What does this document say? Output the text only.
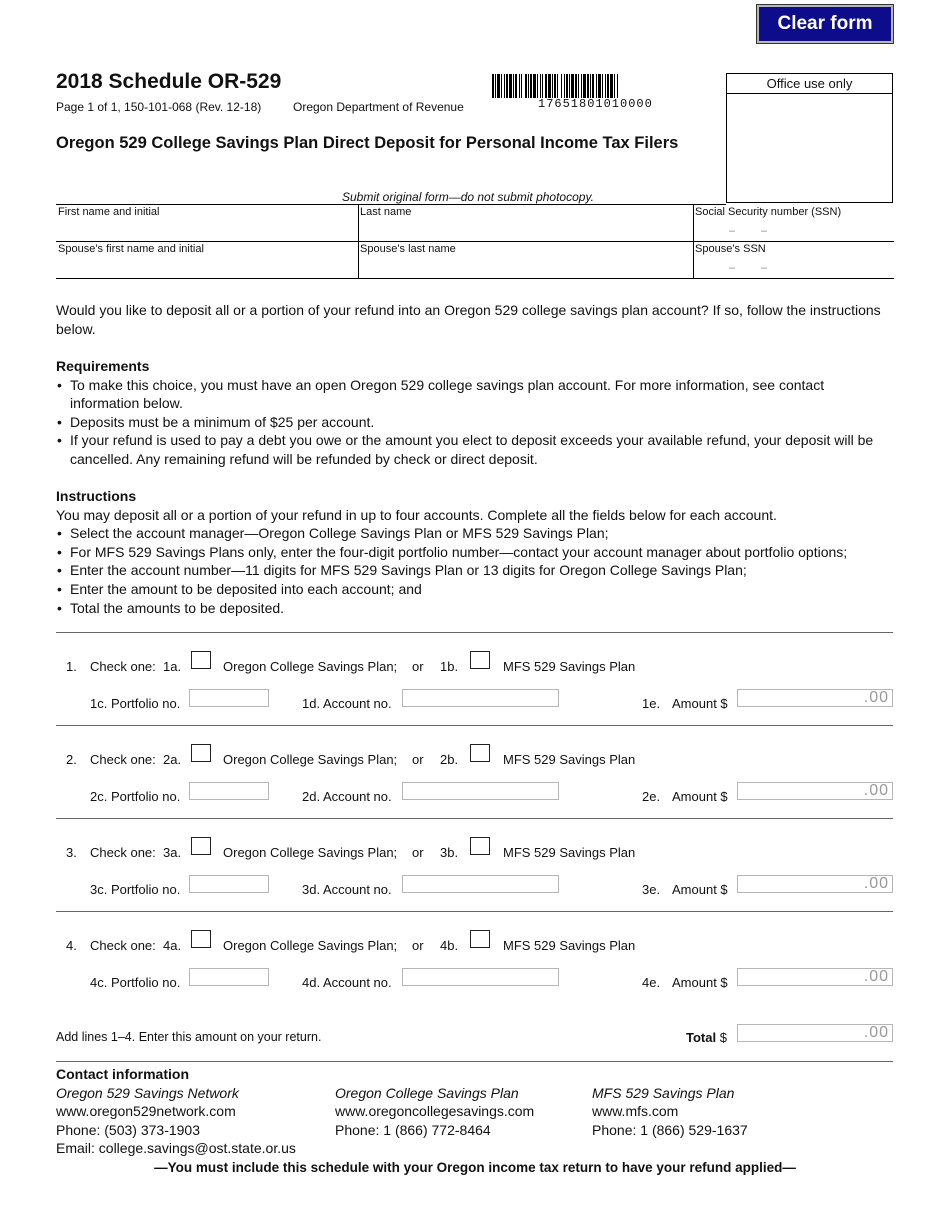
Clear form
2018 Schedule OR-529
Page 1 of 1, 150-101-068 (Rev. 12-18)	Oregon Department of Revenue	17651801010000
Office use only
Oregon 529 College Savings Plan Direct Deposit for Personal Income Tax Filers
Submit original form—do not submit photocopy.
First name and initial	Last name	Social Security number (SSN)
– –
Spouse’s first name and initial	Spouse’s last name	Spouse’s SSN
– –
Would you like to deposit all or a portion of your refund into an Oregon 529 college savings plan account? If so, follow the instructions below.

Requirements

• To make this choice, you must have an open Oregon 529 college savings plan account. For more information, see contact information below.

• Deposits must be a minimum of $25 per account.

• If your refund is used to pay a debt you owe or the amount you elect to deposit exceeds your available refund, your deposit will be cancelled. Any remaining refund will be refunded by check or direct deposit.

Instructions

You may deposit all or a portion of your refund in up to four accounts. Complete all the fields below for each account.

• Select the account manager—Oregon College Savings Plan or MFS 529 Savings Plan;

• For MFS 529 Savings Plans only, enter the four-digit portfolio number—contact your account manager about portfolio options;

• Enter the account number—11 digits for MFS 529 Savings Plan or 13 digits for Oregon College Savings Plan;

• Enter the amount to be deposited into each account; and

• Total the amounts to be deposited.

1. Check one: 1a.	Oregon College Savings Plan; or 1b.	MFS 529 Savings Plan
1c. Portfolio no.	1d. Account no.	1e. Amount $	.00
2. Check one: 2a.	Oregon College Savings Plan; or 2b.	MFS 529 Savings Plan
2c. Portfolio no.	2d. Account no.	2e. Amount $	.00
3. Check one: 3a.	Oregon College Savings Plan; or 3b.	MFS 529 Savings Plan
3c. Portfolio no.	3d. Account no.	3e. Amount $	.00
4. Check one: 4a.	Oregon College Savings Plan; or 4b.	MFS 529 Savings Plan
4c. Portfolio no.	4d. Account no.	4e. Amount $	.00
Add lines 1–4. Enter this amount on your return.	Total $	.00
Contact information
Oregon 529 Savings Network
www.oregon529network.com
Phone: (503) 373-1903
Email: college.savings@ost.state.or.us
Oregon College Savings Plan
www.oregoncollegesavings.com
Phone: 1 (866) 772-8464
MFS 529 Savings Plan
www.mfs.com
Phone: 1 (866) 529-1637
—You must include this schedule with your Oregon income tax return to have your refund applied—
